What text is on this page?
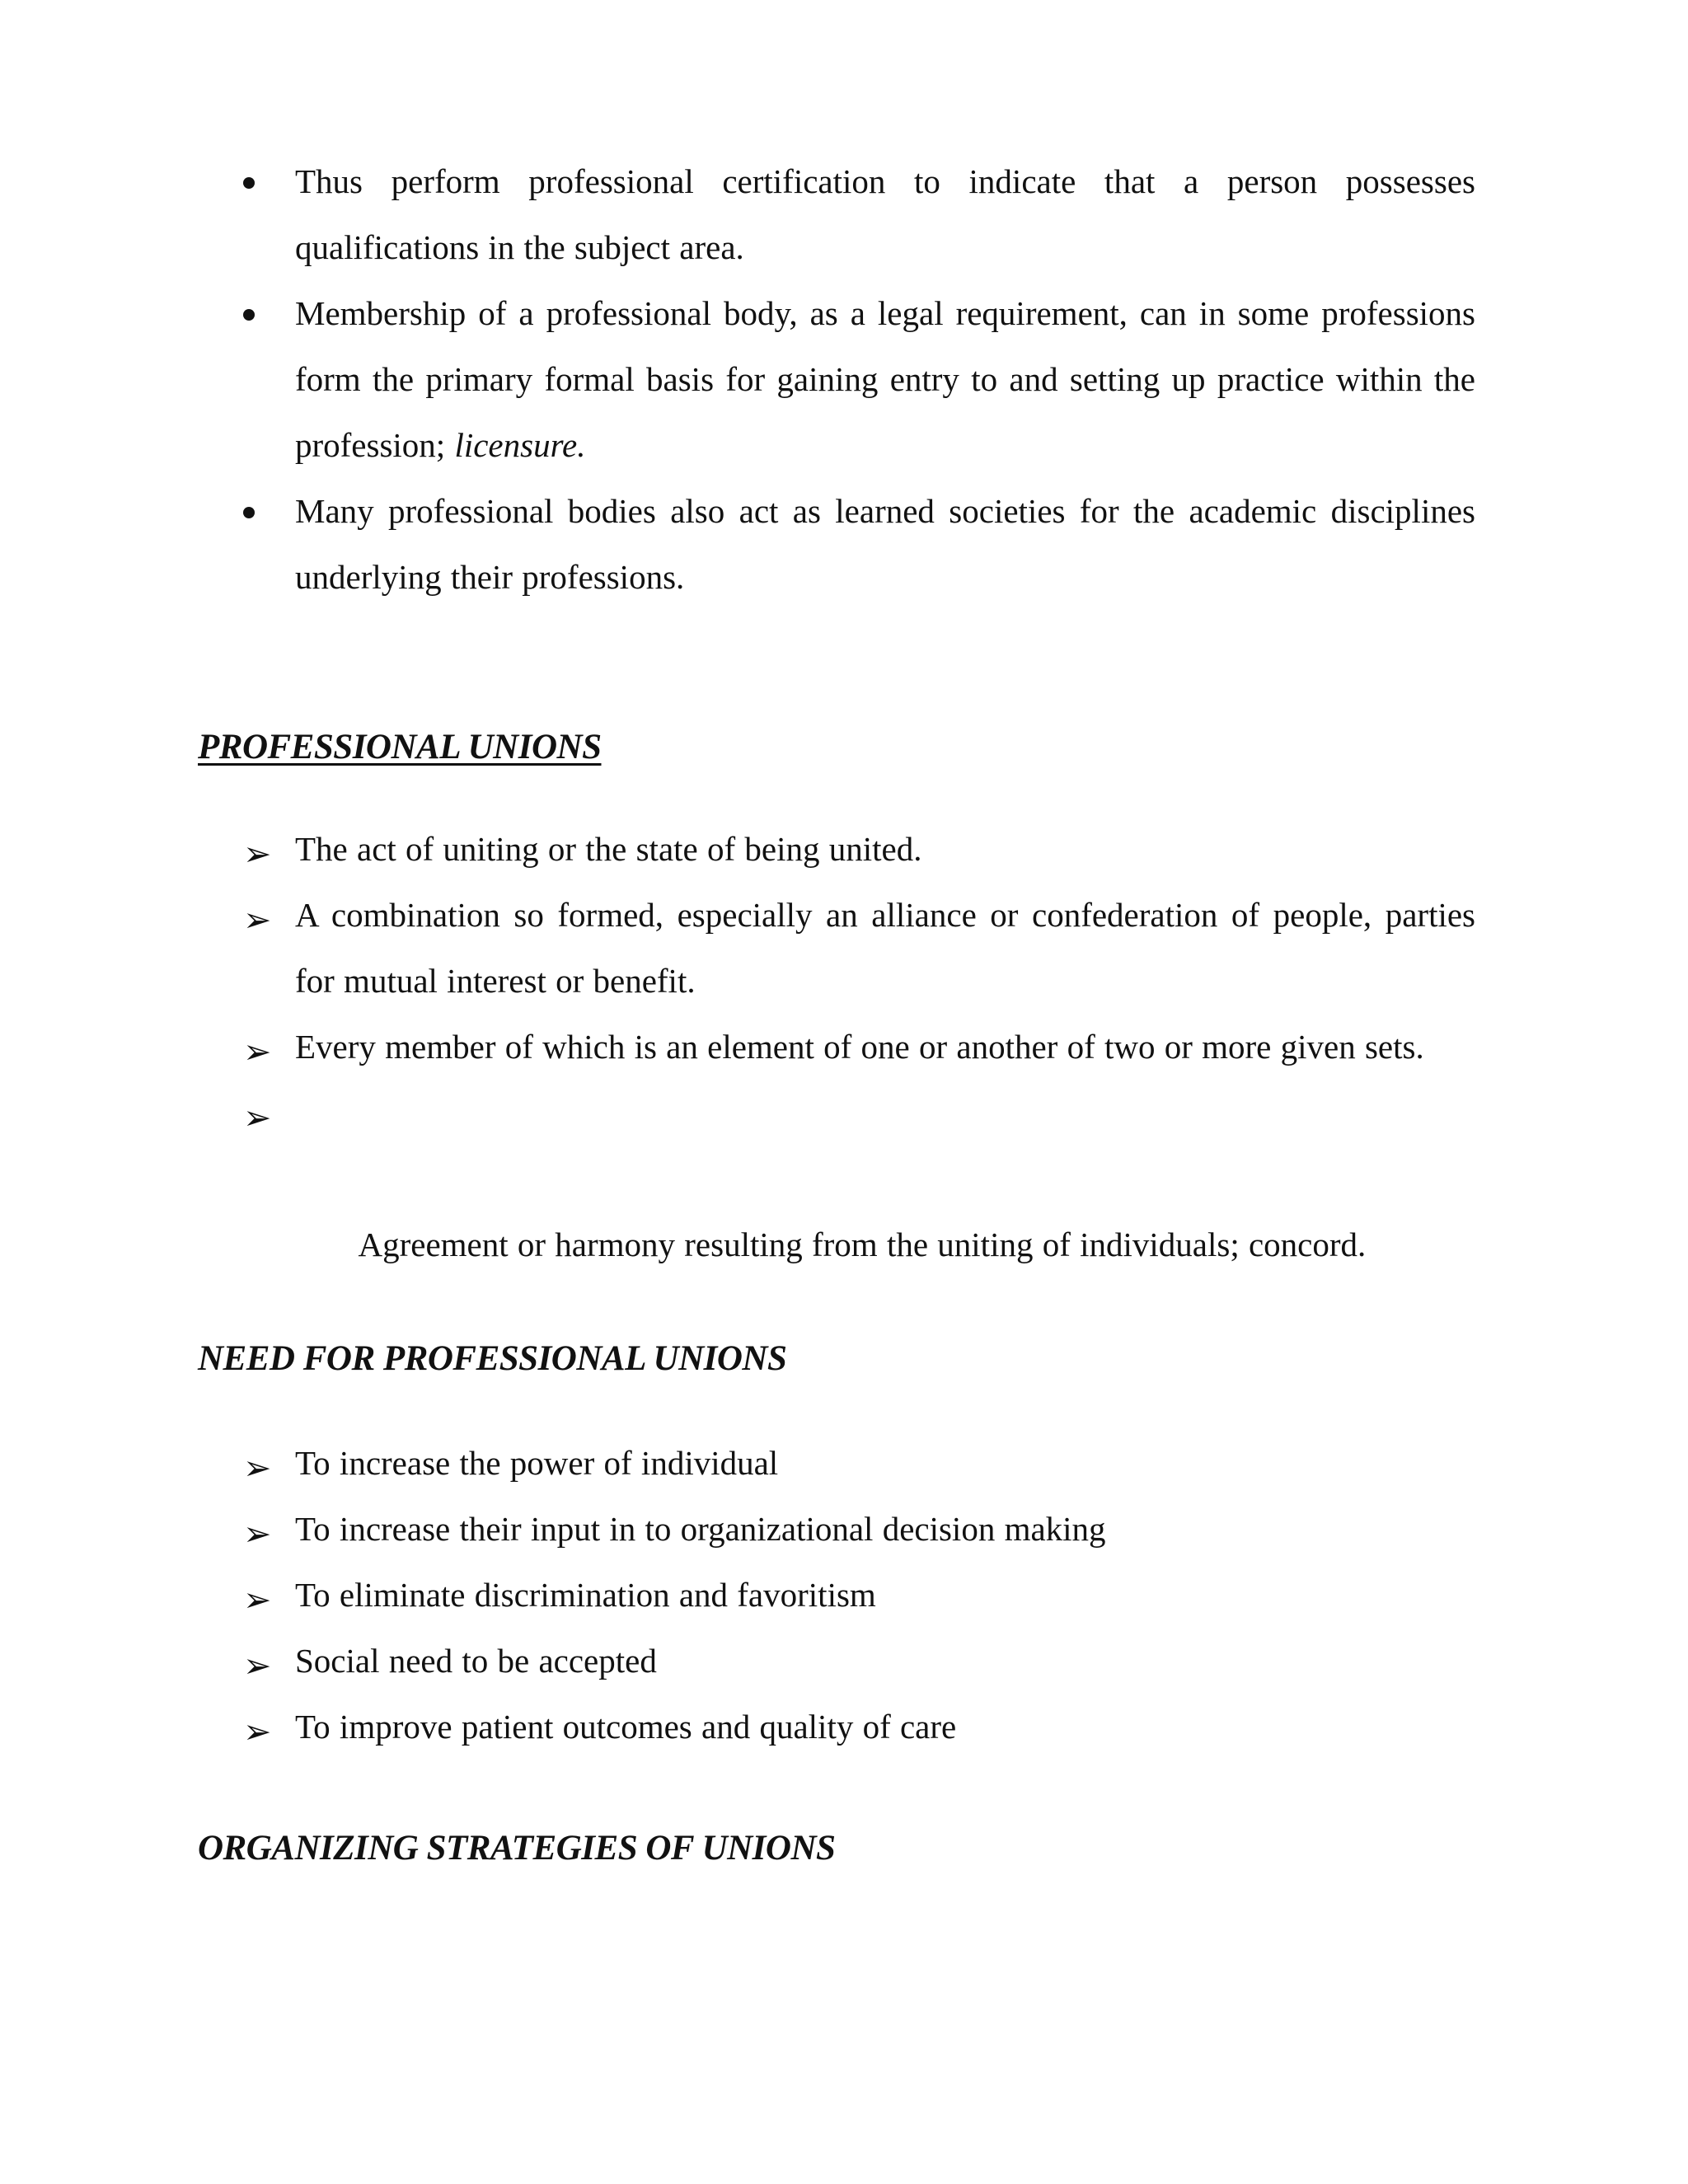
Thus perform professional certification to indicate that a person possesses qualifications in the subject area.
Membership of a professional body, as a legal requirement, can in some professions form the primary formal basis for gaining entry to and setting up practice within the profession; licensure.
Many professional bodies also act as learned societies for the academic disciplines underlying their professions.
PROFESSIONAL UNIONS
➢ The act of uniting or the state of being united.
➢ A combination so formed, especially an alliance or confederation of people, parties for mutual interest or benefit.
➢ Every member of which is an element of one or another of two or more given sets.

➢

Agreement or harmony resulting from the uniting of individuals; concord.

NEED FOR PROFESSIONAL UNIONS
➢ To increase the power of individual
➢ To increase their input in to organizational decision making
➢ To eliminate discrimination and favoritism
➢ Social need to be accepted
➢ To improve patient outcomes and quality of care
ORGANIZING STRATEGIES OF UNIONS
